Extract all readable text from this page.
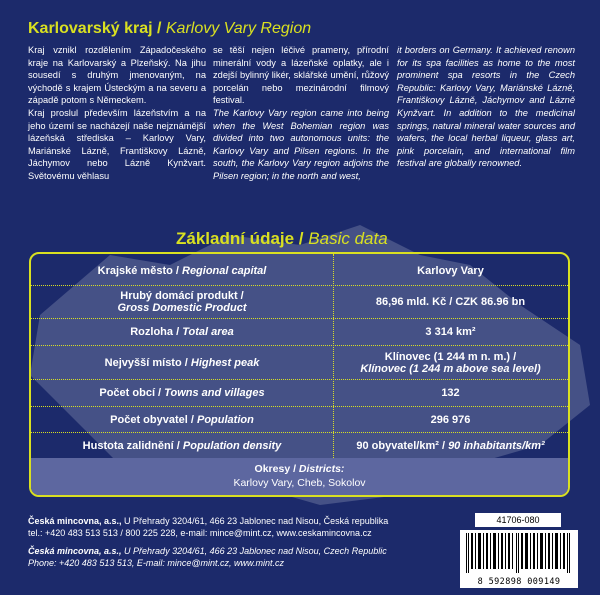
Karlovarský kraj / Karlovy Vary Region

Kraj vznikl rozdělením Západočeského kraje na Karlovarský a Plzeňský. Na jihu sousedí s druhým jmenovaným, na východě s krajem Ústeckým a na severu a západě potom s Německem.

Kraj proslul především lázeňstvím a na jeho území se nacházejí naše nejznámější lázeňská střediska – Karlovy Vary, Mariánské Lázně, Františkovy Lázně, Jáchymov nebo Lázně Kynžvart. Světovému věhlasu

se těší nejen léčivé prameny, přírodní minerální vody a lázeňské oplatky, ale i zdejší bylinný likér, sklářské umění, růžový porcelán nebo mezinárodní filmový festival.

The Karlovy Vary region came into being when the West Bohemian region was divided into two autonomous units: the Karlovy Vary and Pilsen regions. In the south, the Karlovy Vary region adjoins the Pilsen region; in the north and west,

it borders on Germany. It achieved renown for its spa facilities as home to the most prominent spa resorts in the Czech Republic: Karlovy Vary, Mariánské Lázně, Františkovy Lázně, Jáchymov and Lázně Kynžvart. In addition to the medicinal springs, natural mineral water sources and wafers, the local herbal liqueur, glass art, pink porcelain, and international film festival are globally renowned.

Základní údaje / Basic data
Krajské město / Regional capital	Karlovy Vary
Hrubý domácí produkt /
Gross Domestic Product	86,96 mld. Kč / CZK 86.96 bn
Rozloha / Total area	3 314 km²
Nejvyšší místo / Highest peak	Klínovec (1 244 m n. m.) /
Klínovec (1 244 m above sea level)
Počet obcí / Towns and villages	132
Počet obyvatel / Population	296 976
Hustota zalidnění / Population density	90 obyvatel/km² / 90 inhabitants/km²
Okresy / Districts:
Karlovy Vary, Cheb, Sokolov
Česká mincovna, a.s., U Přehrady 3204/61, 466 23 Jablonec nad Nisou, Česká republika
tel.: +420 483 513 513 / 800 225 228, e-mail: mince@mint.cz, www.ceskamincovna.cz
Česká mincovna, a.s., U Přehrady 3204/61, 466 23 Jablonec nad Nisou, Czech Republic
Phone: +420 483 513 513, E-mail: mince@mint.cz, www.mint.cz
41706-080
8 592898 009149
